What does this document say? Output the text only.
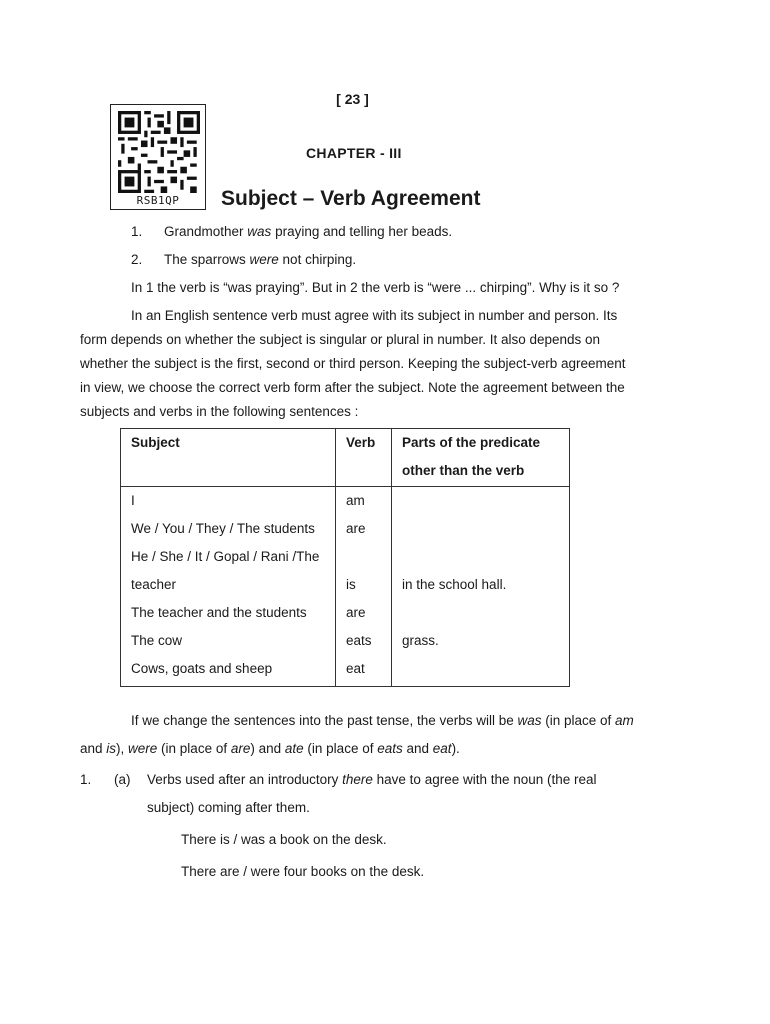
[ 23 ]
RSB1QP
CHAPTER - III
Subject – Verb Agreement
1. Grandmother was praying and telling her beads.
2. The sparrows were not chirping.
In 1 the verb is “was praying”. But in 2 the verb is “were ... chirping”. Why is it so ?
In an English sentence verb must agree with its subject in number and person. Its
form depends on whether the subject is singular or plural in number. It also depends on
whether the subject is the first, second or third person. Keeping the subject-verb agreement
in view, we choose the correct verb form after the subject. Note the agreement between the
subjects and verbs in the following sentences :
Subject	Verb	Parts of the predicate
other than the verb
I	am	
We / You / They / The students	are	
He / She / It / Gopal / Rani /The		
teacher	is	in the school hall.
The teacher and the students	are	
The cow	eats	grass.
Cows, goats and sheep	eat	
If we change the sentences into the past tense, the verbs will be was (in place of am
and is), were (in place of are) and ate (in place of eats and eat).
1. (a) Verbs used after an introductory there have to agree with the noun (the real
subject) coming after them.
There is / was a book on the desk.
There are / were four books on the desk.
